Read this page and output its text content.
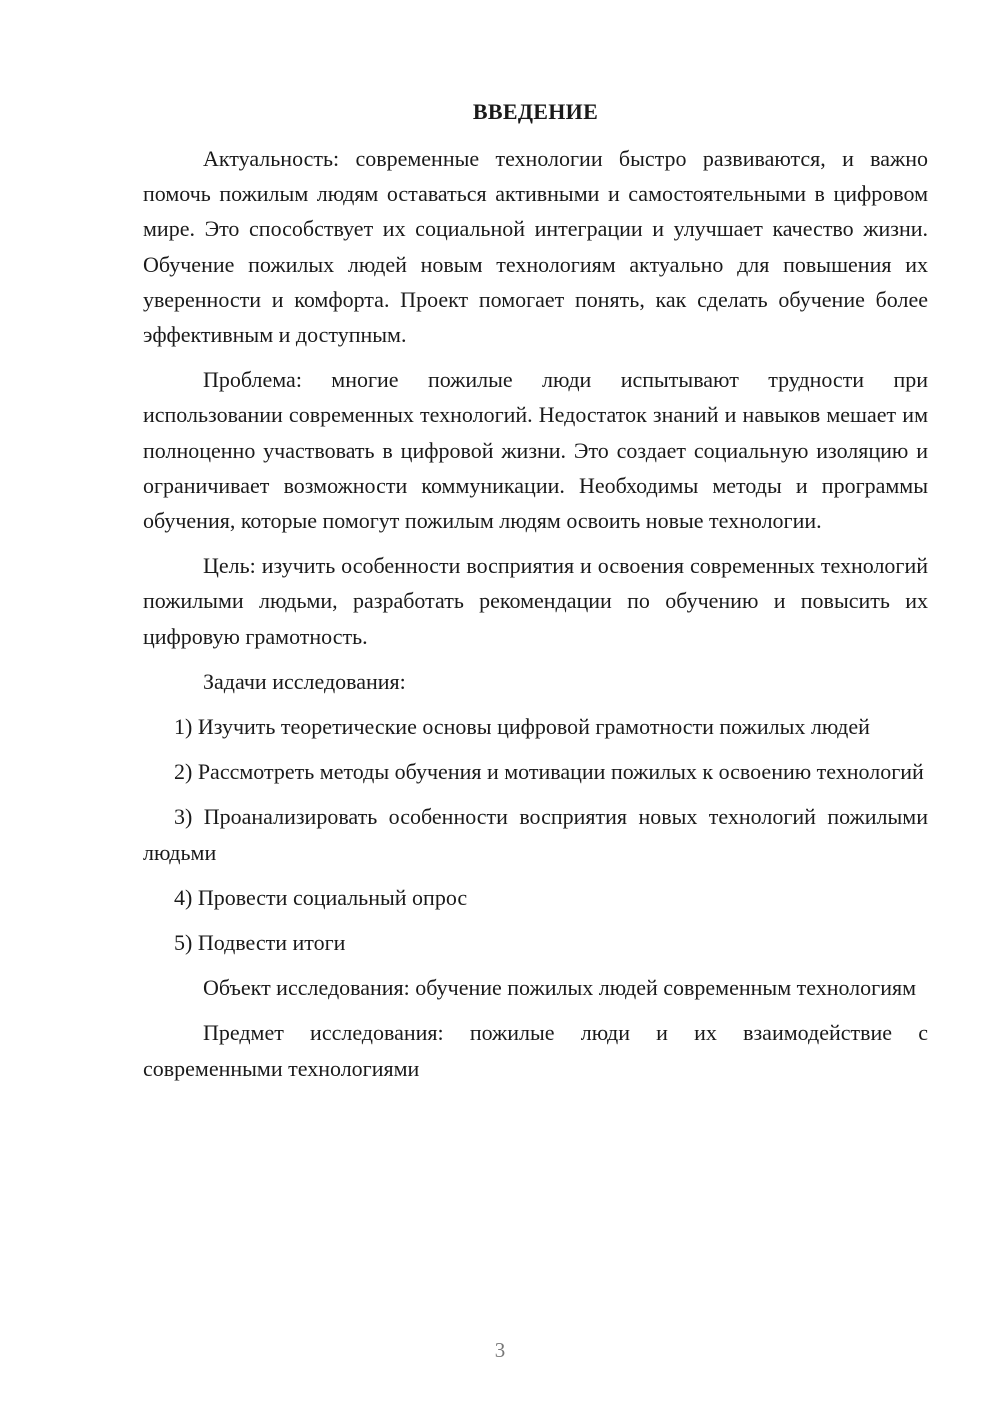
ВВЕДЕНИЕ

Актуальность: современные технологии быстро развиваются, и важно помочь пожилым людям оставаться активными и самостоятельными в цифровом мире. Это способствует их социальной интеграции и улучшает качество жизни. Обучение пожилых людей новым технологиям актуально для повышения их уверенности и комфорта. Проект помогает понять, как сделать обучение более эффективным и доступным.

Проблема: многие пожилые люди испытывают трудности при использовании современных технологий. Недостаток знаний и навыков мешает им полноценно участвовать в цифровой жизни. Это создает социальную изоляцию и ограничивает возможности коммуникации. Необходимы методы и программы обучения, которые помогут пожилым людям освоить новые технологии.

Цель: изучить особенности восприятия и освоения современных технологий пожилыми людьми, разработать рекомендации по обучению и повысить их цифровую грамотность.

Задачи исследования:

1) Изучить теоретические основы цифровой грамотности пожилых людей

2) Рассмотреть методы обучения и мотивации пожилых к освоению технологий

3) Проанализировать особенности восприятия новых технологий пожилыми людьми

4) Провести социальный опрос

5) Подвести итоги

Объект исследования: обучение пожилых людей современным технологиям

Предмет исследования: пожилые люди и их взаимодействие с современными технологиями

3
